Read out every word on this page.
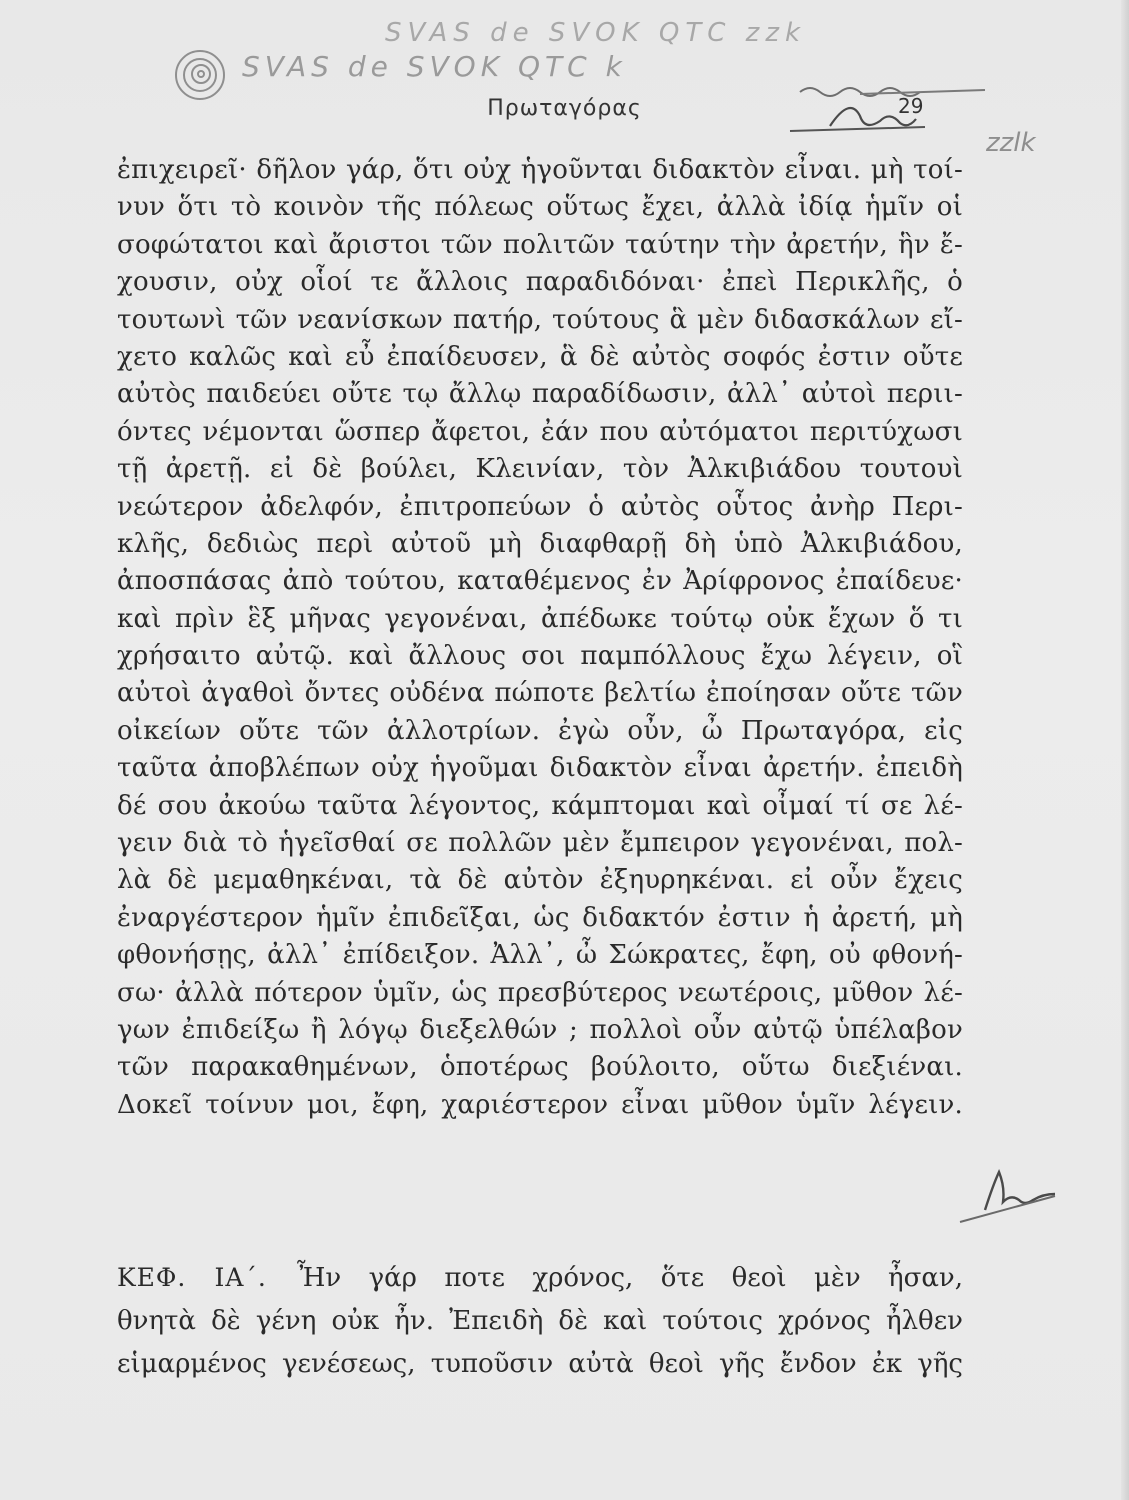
SVAS de SVOK QTC zzk
SVAS de SVOK QTC k
zzlk
Πρωταγόρας	29
ἐπιχειρεῖ· δῆλον γάρ, ὅτι οὐχ ἡγοῦνται διδακτὸν εἶναι. μὴ τοί-
νυν ὅτι τὸ κοινὸν τῆς πόλεως οὕτως ἔχει, ἀλλὰ ἰδίᾳ ἡμῖν οἱ
σοφώτατοι καὶ ἄριστοι τῶν πολιτῶν ταύτην τὴν ἀρετήν, ἣν ἔ-
χουσιν, οὐχ οἷοί τε ἄλλοις παραδιδόναι· ἐπεὶ Περικλῆς, ὁ
τουτωνὶ τῶν νεανίσκων πατήρ, τούτους ἃ μὲν διδασκάλων εἴ-
χετο καλῶς καὶ εὖ ἐπαίδευσεν, ἃ δὲ αὐτὸς σοφός ἐστιν οὔτε
αὐτὸς παιδεύει οὔτε τῳ ἄλλῳ παραδίδωσιν, ἀλλ᾽ αὐτοὶ περιι-
όντες νέμονται ὥσπερ ἄφετοι, ἐάν που αὐτόματοι περιτύχωσι
τῇ ἀρετῇ. εἰ δὲ βούλει, Κλεινίαν, τὸν Ἀλκιβιάδου τουτουὶ
νεώτερον ἀδελφόν, ἐπιτροπεύων ὁ αὐτὸς οὗτος ἀνὴρ Περι-
κλῆς, δεδιὼς περὶ αὐτοῦ μὴ διαφθαρῇ δὴ ὑπὸ Ἀλκιβιάδου,
ἀποσπάσας ἀπὸ τούτου, καταθέμενος ἐν Ἀρίφρονος ἐπαίδευε·
καὶ πρὶν ἓξ μῆνας γεγονέναι, ἀπέδωκε τούτῳ οὐκ ἔχων ὅ τι
χρήσαιτο αὐτῷ. καὶ ἄλλους σοι παμπόλλους ἔχω λέγειν, οἳ
αὐτοὶ ἀγαθοὶ ὄντες οὐδένα πώποτε βελτίω ἐποίησαν οὔτε τῶν
οἰκείων οὔτε τῶν ἀλλοτρίων. ἐγὼ οὖν, ὦ Πρωταγόρα, εἰς
ταῦτα ἀποβλέπων οὐχ ἡγοῦμαι διδακτὸν εἶναι ἀρετήν. ἐπειδὴ
δέ σου ἀκούω ταῦτα λέγοντος, κάμπτομαι καὶ οἶμαί τί σε λέ-
γειν διὰ τὸ ἡγεῖσθαί σε πολλῶν μὲν ἔμπειρον γεγονέναι, πολ-
λὰ δὲ μεμαθηκέναι, τὰ δὲ αὐτὸν ἐξηυρηκέναι. εἰ οὖν ἔχεις
ἐναργέστερον ἡμῖν ἐπιδεῖξαι, ὡς διδακτόν ἐστιν ἡ ἀρετή, μὴ
φθονήσῃς, ἀλλ᾽ ἐπίδειξον. Ἀλλ᾽, ὦ Σώκρατες, ἔφη, οὐ φθονή-
σω· ἀλλὰ πότερον ὑμῖν, ὡς πρεσβύτερος νεωτέροις, μῦθον λέ-
γων ἐπιδείξω ἢ λόγῳ διεξελθών ; πολλοὶ οὖν αὐτῷ ὑπέλαβον
τῶν παρακαθημένων, ὁποτέρως βούλοιτο, οὕτω διεξιέναι.
Δοκεῖ τοίνυν μοι, ἔφη, χαριέστερον εἶναι μῦθον ὑμῖν λέγειν.
ΚΕΦ. ΙΑ΄. Ἦν γάρ ποτε χρόνος, ὅτε θεοὶ μὲν ἦσαν,
θνητὰ δὲ γένη οὐκ ἦν. Ἐπειδὴ δὲ καὶ τούτοις χρόνος ἦλθεν
εἱμαρμένος γενέσεως, τυποῦσιν αὐτὰ θεοὶ γῆς ἔνδον ἐκ γῆς
